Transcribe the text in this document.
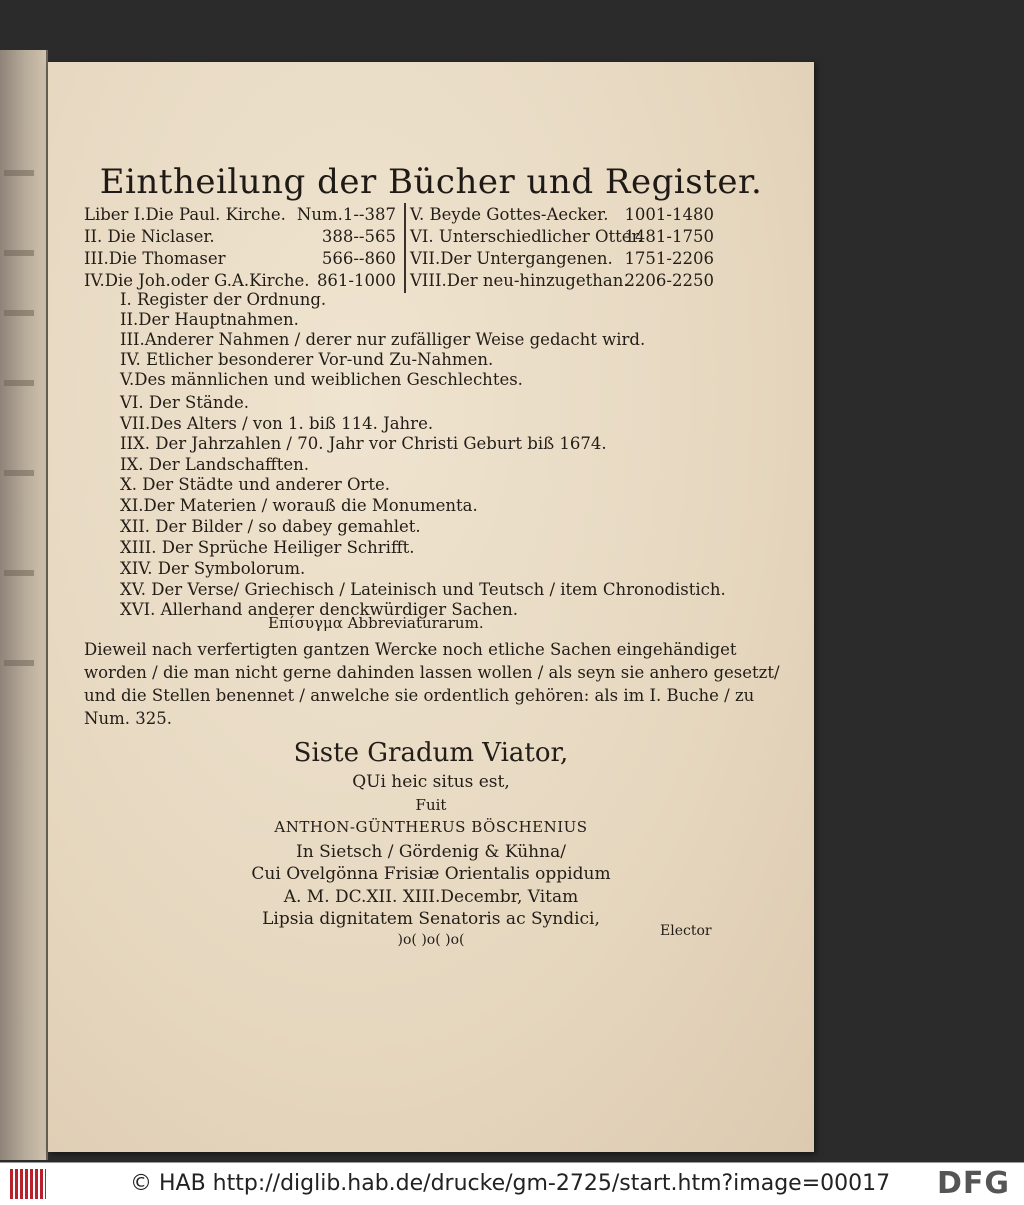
Eintheilung der Bücher und Register.
Liber I.Die Paul. Kirche. Num.1--387 V. Beyde Gottes-Aecker. 1001-1480
II. Die Niclaser.	388--565 VI. Unterschiedlicher Otter.
1481-1750
III.Die Thomaser	566--860 VII.Der Untergangenen. 1751-2206
IV.Die Joh.oder G.A.Kirche. 861-1000 VIII.Der neu-hinzugethan.
2206-2250
I. Register der Ordnung.
II.Der Hauptnahmen.
III.Anderer Nahmen / derer nur zufälliger Weise gedacht wird.
IV. Etlicher besonderer Vor-und Zu-Nahmen.
V.Des männlichen und weiblichen Geschlechtes.
VI. Der Stände.
VII.Des Alters / von 1. biß 114. Jahre.
IIX. Der Jahrzahlen / 70. Jahr vor Christi Geburt biß 1674.
IX. Der Landschafften.
X. Der Städte und anderer Orte.
XI.Der Materien / worauß die Monumenta.
XII. Der Bilder / so dabey gemahlet.
XIII. Der Sprüche Heiliger Schrifft.
XIV. Der Symbolorum.
XV. Der Verse/ Griechisch / Lateinisch und Teutsch / item Chronodistich.
XVI. Allerhand anderer denckwürdiger Sachen.
Επίσυγμα Abbreviaturarum.
Dieweil nach verfertigten gantzen Wercke noch etliche Sachen eingehändiget
worden / die man nicht gerne dahinden lassen wollen / als seyn sie anhero gesetzt/
und die Stellen benennet / anwelche sie ordentlich gehören: als im I. Buche / zu
Num. 325.
Siste Gradum Viator,
QUi heic situs est,
Fuit
ANTHON-GÜNTHERUS BÖSCHENIUS
In Sietsch / Gördenig & Kühna/
Cui Ovelgönna Frisiæ Orientalis oppidum
A. M. DC.XII. XIII.Decembr, Vitam
Lipsia dignitatem Senatoris ac Syndici,
)o( )o( )o(
Elector
© HAB http://diglib.hab.de/drucke/gm-2725/start.htm?image=00017 DFG
